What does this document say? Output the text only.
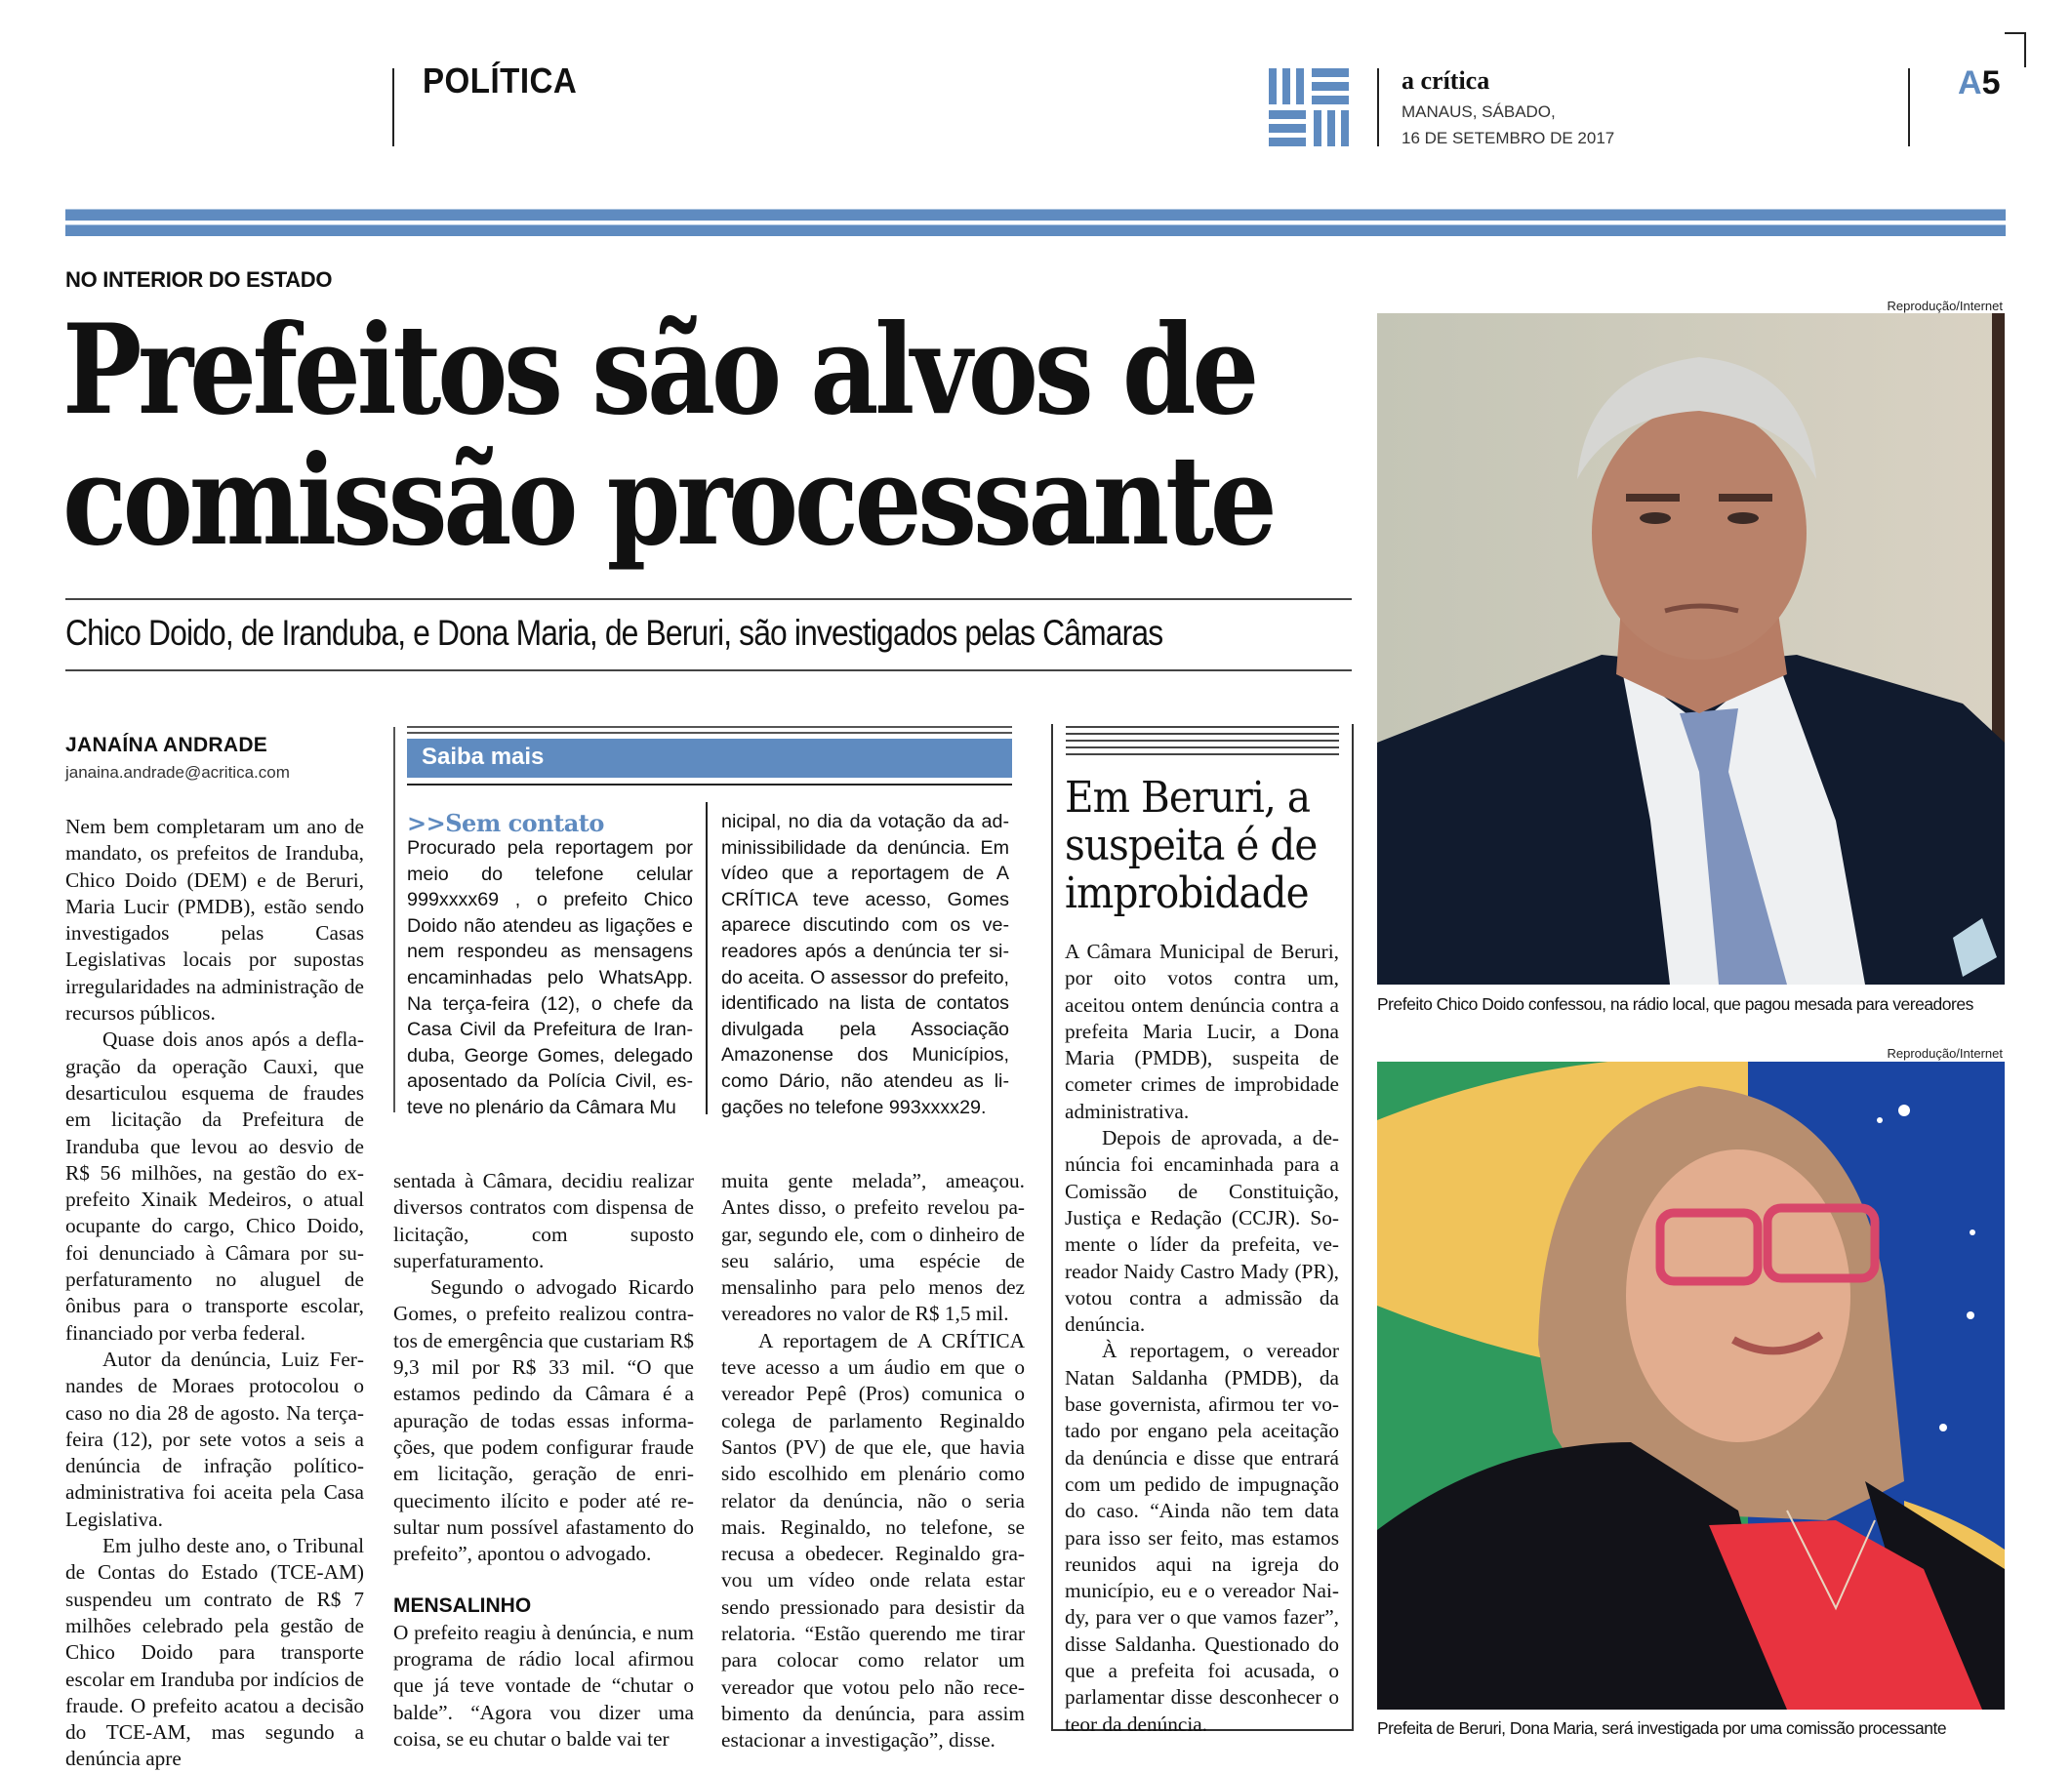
POLÍTICA	a crítica
MANAUS, SÁBADO,
16 DE SETEMBRO DE 2017
A5
NO INTERIOR DO ESTADO
Prefeitos são alvos de
comissão processante
Chico Doido, de Iranduba, e Dona Maria, de Beruri, são investigados pelas Câmaras
JANAÍNA ANDRADE
janaina.andrade@acritica.com

Nem bem completaram um ano de mandato, os prefeitos de Iranduba, Chico Doido (DEM) e de Beruri, Maria Lucir (PMDB), estão sendo investigados pelas Casas Legislativas locais por supostas irregularidades na administração de recursos públicos.

Quase dois anos após a deflagração da operação Cauxi, que desarticulou esquema de fraudes em licitação da Prefeitura de Iranduba que levou ao desvio de R$ 56 milhões, na gestão do ex-prefeito Xinaik Medeiros, o atual ocupante do cargo, Chico Doido, foi denunciado à Câmara por superfaturamento no aluguel de ônibus para o transporte escolar, financiado por verba federal.

Autor da denúncia, Luiz Fernandes de Moraes protocolou o caso no dia 28 de agosto. Na terça-feira (12), por sete votos a seis a denúncia de infração político-administrativa foi aceita pela Casa Legislativa.

Em julho deste ano, o Tribunal de Contas do Estado (TCE-AM) suspendeu um contrato de R$ 7 milhões celebrado pela gestão de Chico Doido para transporte escolar em Iranduba por indícios de fraude. O prefeito acatou a decisão do TCE-AM, mas segundo a denúncia apre

Saiba mais
>>Sem contato
Procurado pela reportagem por meio do telefone celular 999xxxx69 , o prefeito Chico Doido não atendeu as ligações e nem respondeu as mensagens encaminhadas pelo WhatsApp. Na terça-feira (12), o chefe da Casa Civil da Prefeitura de Iranduba, George Gomes, delegado aposentado da Polícia Civil, esteve no plenário da Câmara Mu
nicipal, no dia da votação da adminissibilidade da denúncia. Em vídeo que a reportagem de A CRÍTICA teve acesso, Gomes aparece discutindo com os vereadores após a denúncia ter sido aceita. O assessor do prefeito, identificado na lista de contatos divulgada pela Associação Amazonense dos Municípios, como Dário, não atendeu as ligações no telefone 993xxxx29.

sentada à Câmara, decidiu realizar diversos contratos com dispensa de licitação, com suposto superfaturamento.

Segundo o advogado Ricardo Gomes, o prefeito realizou contratos de emergência que custariam R$ 9,3 mil por R$ 33 mil. “O que estamos pedindo da Câmara é a apuração de todas essas informações, que podem configurar fraude em licitação, geração de enriquecimento ilícito e poder até resultar num possível afastamento do prefeito”, apontou o advogado.

MENSALINHO

O prefeito reagiu à denúncia, e num programa de rádio local afirmou que já teve vontade de “chutar o balde”. “Agora vou dizer uma coisa, se eu chutar o balde vai ter

muita gente melada”, ameaçou. Antes disso, o prefeito revelou pagar, segundo ele, com o dinheiro de seu salário, uma espécie de mensalinho para pelo menos dez vereadores no valor de R$ 1,5 mil.

A reportagem de A CRÍTICA teve acesso a um áudio em que o vereador Pepê (Pros) comunica o colega de parlamento Reginaldo Santos (PV) de que ele, que havia sido escolhido em plenário como relator da denúncia, não o seria mais. Reginaldo, no telefone, se recusa a obedecer. Reginaldo gravou um vídeo onde relata estar sendo pressionado para desistir da relatoria. “Estão querendo me tirar para colocar como relator um vereador que votou pelo não recebimento da denúncia, para assim estacionar a investigação”, disse.

Em Beruri, a suspeita é de improbidade

A Câmara Municipal de Beruri, por oito votos contra um, aceitou ontem denúncia contra a prefeita Maria Lucir, a Dona Maria (PMDB), suspeita de cometer crimes de improbidade administrativa.

Depois de aprovada, a denúncia foi encaminhada para a Comissão de Constituição, Justiça e Redação (CCJR). Somente o líder da prefeita, vereador Naidy Castro Mady (PR), votou contra a admissão da denúncia.

À reportagem, o vereador Natan Saldanha (PMDB), da base governista, afirmou ter votado por engano pela aceitação da denúncia e disse que entrará com um pedido de impugnação do caso. “Ainda não tem data para isso ser feito, mas estamos reunidos aqui na igreja do município, eu e o vereador Naidy, para ver o que vamos fazer”, disse Saldanha. Questionado do que a prefeita foi acusada, o parlamentar disse desconhecer o teor da denúncia.

Reprodução/Internet
Prefeito Chico Doido confessou, na rádio local, que pagou mesada para vereadores
Reprodução/Internet
Prefeita de Beruri, Dona Maria, será investigada por uma comissão processante
